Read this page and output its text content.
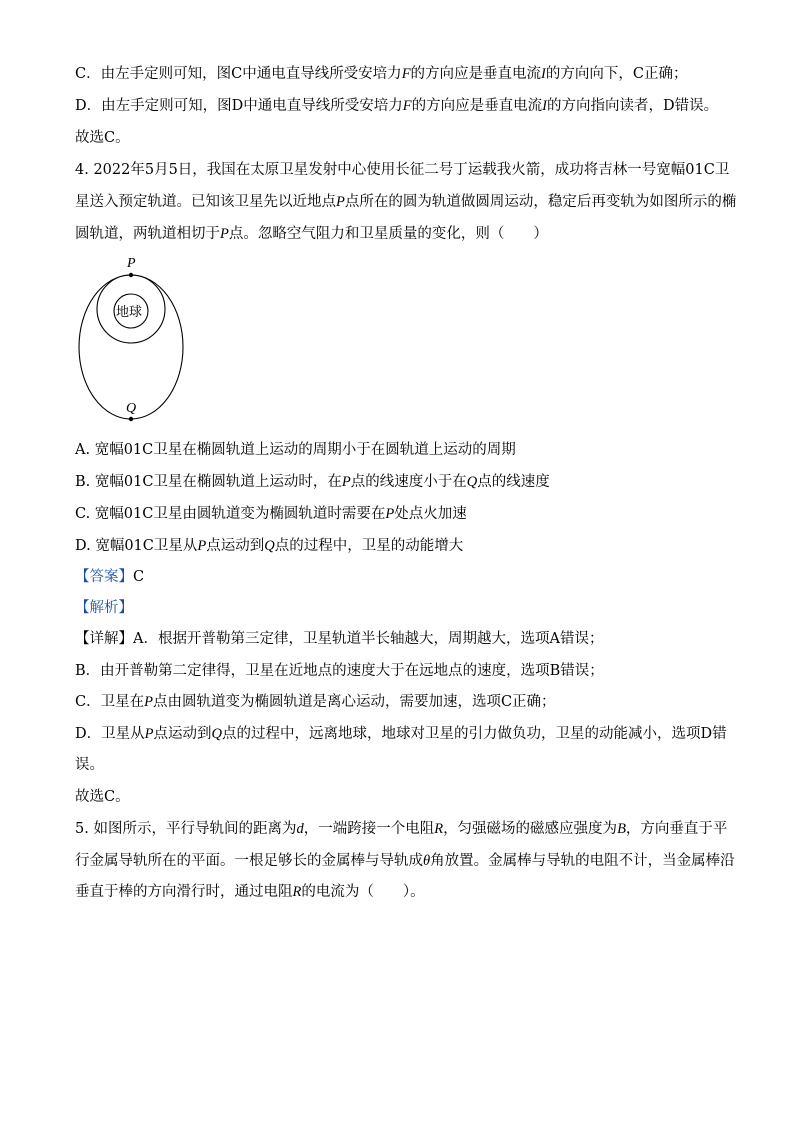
C．由左手定则可知，图C中通电直导线所受安培力F的方向应是垂直电流I的方向向下，C正确；
D．由左手定则可知，图D中通电直导线所受安培力F的方向应是垂直电流I的方向指向读者，D错误。
故选C。
4. 2022年5月5日，我国在太原卫星发射中心使用长征二号丁运载我火箭，成功将吉林一号宽幅01C卫
星送入预定轨道。已知该卫星先以近地点P点所在的圆为轨道做圆周运动，稳定后再变轨为如图所示的椭
圆轨道，两轨道相切于P点。忽略空气阻力和卫星质量的变化，则（　　）
P
Q
地球
A. 宽幅01C卫星在椭圆轨道上运动的周期小于在圆轨道上运动的周期
B. 宽幅01C卫星在椭圆轨道上运动时，在P点的线速度小于在Q点的线速度
C. 宽幅01C卫星由圆轨道变为椭圆轨道时需要在P处点火加速
D. 宽幅01C卫星从P点运动到Q点的过程中，卫星的动能增大
【答案】C
【解析】
【详解】A．根据开普勒第三定律，卫星轨道半长轴越大，周期越大，选项A错误；
B．由开普勒第二定律得，卫星在近地点的速度大于在远地点的速度，选项B错误；
C．卫星在P点由圆轨道变为椭圆轨道是离心运动，需要加速，选项C正确；
D．卫星从P点运动到Q点的过程中，远离地球，地球对卫星的引力做负功，卫星的动能减小，选项D错
误。
故选C。
5. 如图所示，平行导轨间的距离为d，一端跨接一个电阻R，匀强磁场的磁感应强度为B，方向垂直于平
行金属导轨所在的平面。一根足够长的金属棒与导轨成θ角放置。金属棒与导轨的电阻不计，当金属棒沿
垂直于棒的方向滑行时，通过电阻R的电流为（　　）。
